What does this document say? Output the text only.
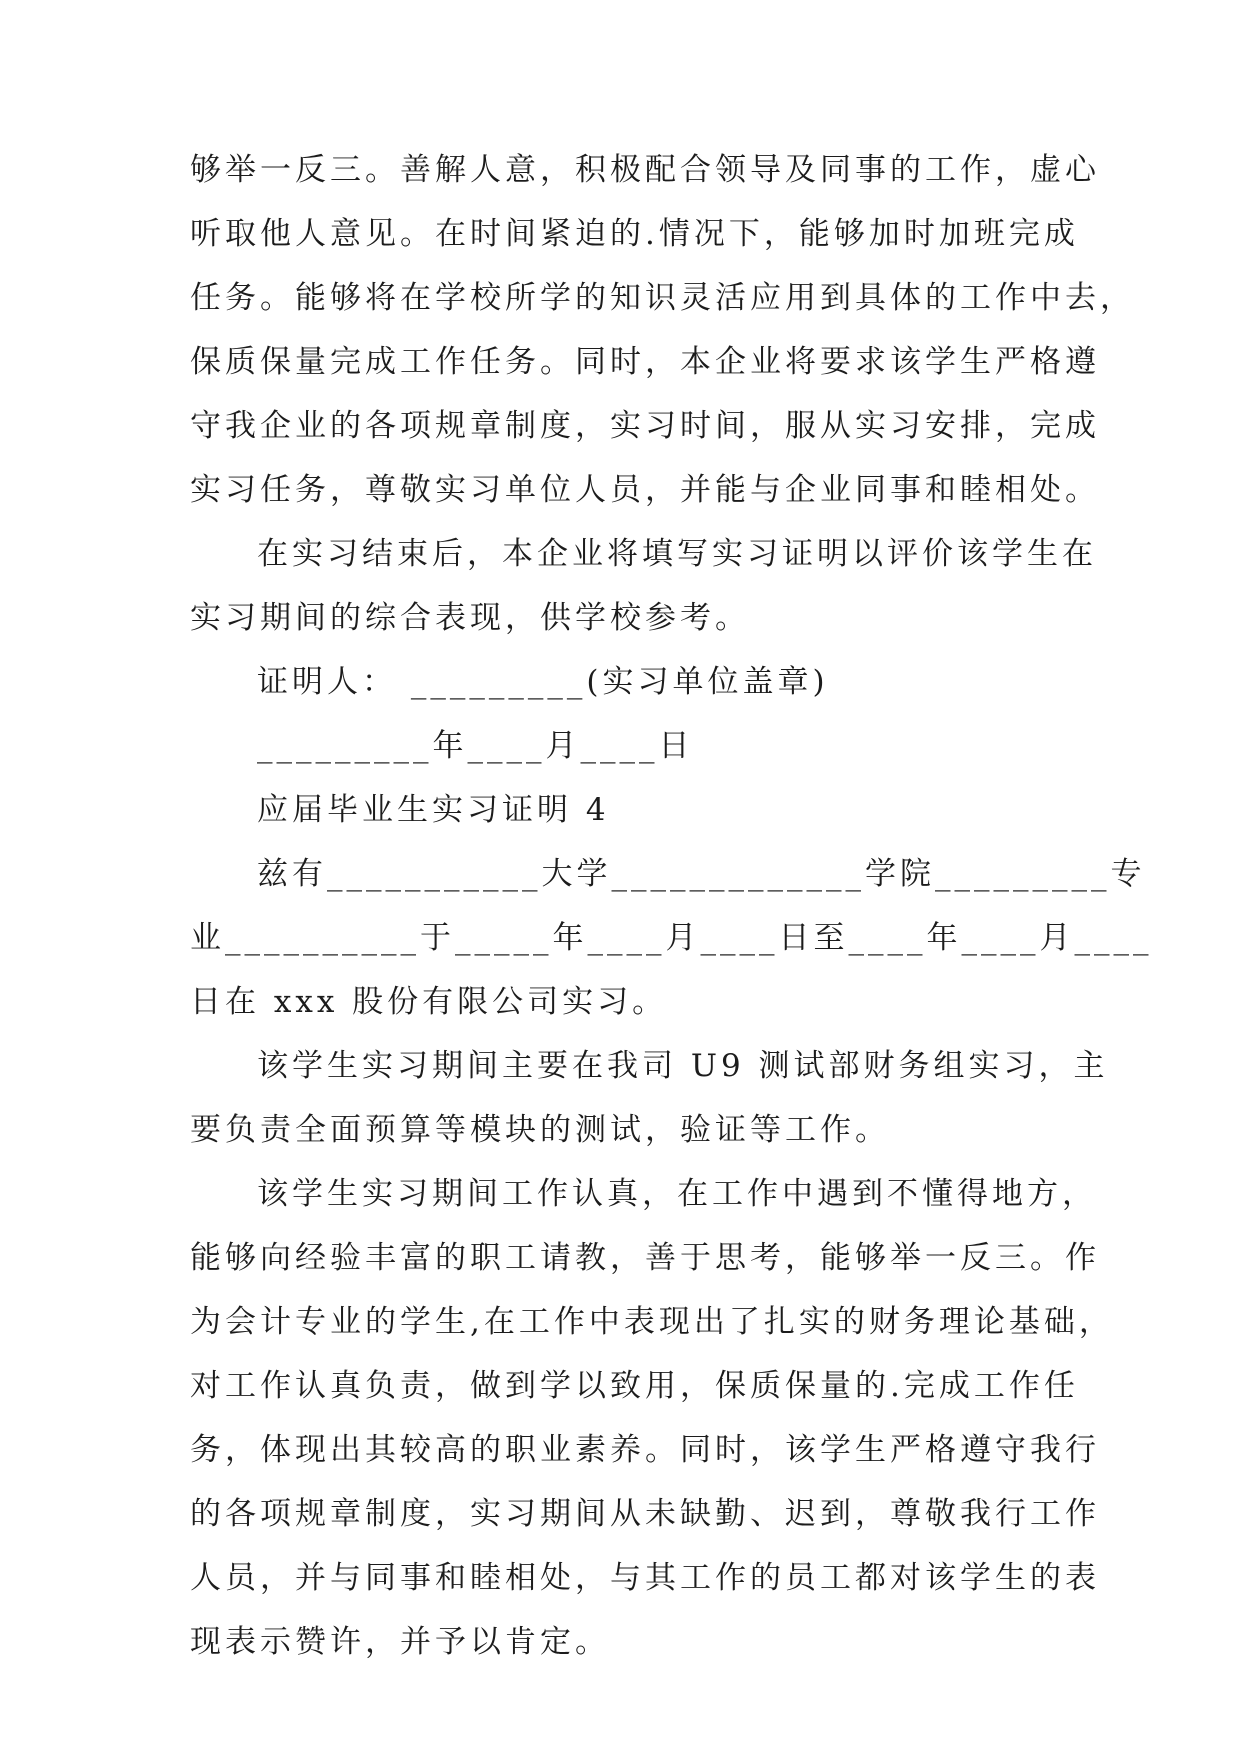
够举一反三。善解人意，积极配合领导及同事的工作，虚心
听取他人意见。在时间紧迫的.情况下，能够加时加班完成
任务。能够将在学校所学的知识灵活应用到具体的工作中去，
保质保量完成工作任务。同时，本企业将要求该学生严格遵
守我企业的各项规章制度，实习时间，服从实习安排，完成
实习任务，尊敬实习单位人员，并能与企业同事和睦相处。
在实习结束后，本企业将填写实习证明以评价该学生在
实习期间的综合表现，供学校参考。
证明人： _________(实习单位盖章)
_________年____月____日
应届毕业生实习证明 4
兹有___________大学_____________学院_________专
业__________于_____年____月____日至____年____月____
日在 xxx 股份有限公司实习。
该学生实习期间主要在我司 U9 测试部财务组实习，主
要负责全面预算等模块的测试，验证等工作。
该学生实习期间工作认真，在工作中遇到不懂得地方，
能够向经验丰富的职工请教，善于思考，能够举一反三。作
为会计专业的学生,在工作中表现出了扎实的财务理论基础，
对工作认真负责，做到学以致用，保质保量的.完成工作任
务，体现出其较高的职业素养。同时，该学生严格遵守我行
的各项规章制度，实习期间从未缺勤、迟到，尊敬我行工作
人员，并与同事和睦相处，与其工作的员工都对该学生的表
现表示赞许，并予以肯定。
